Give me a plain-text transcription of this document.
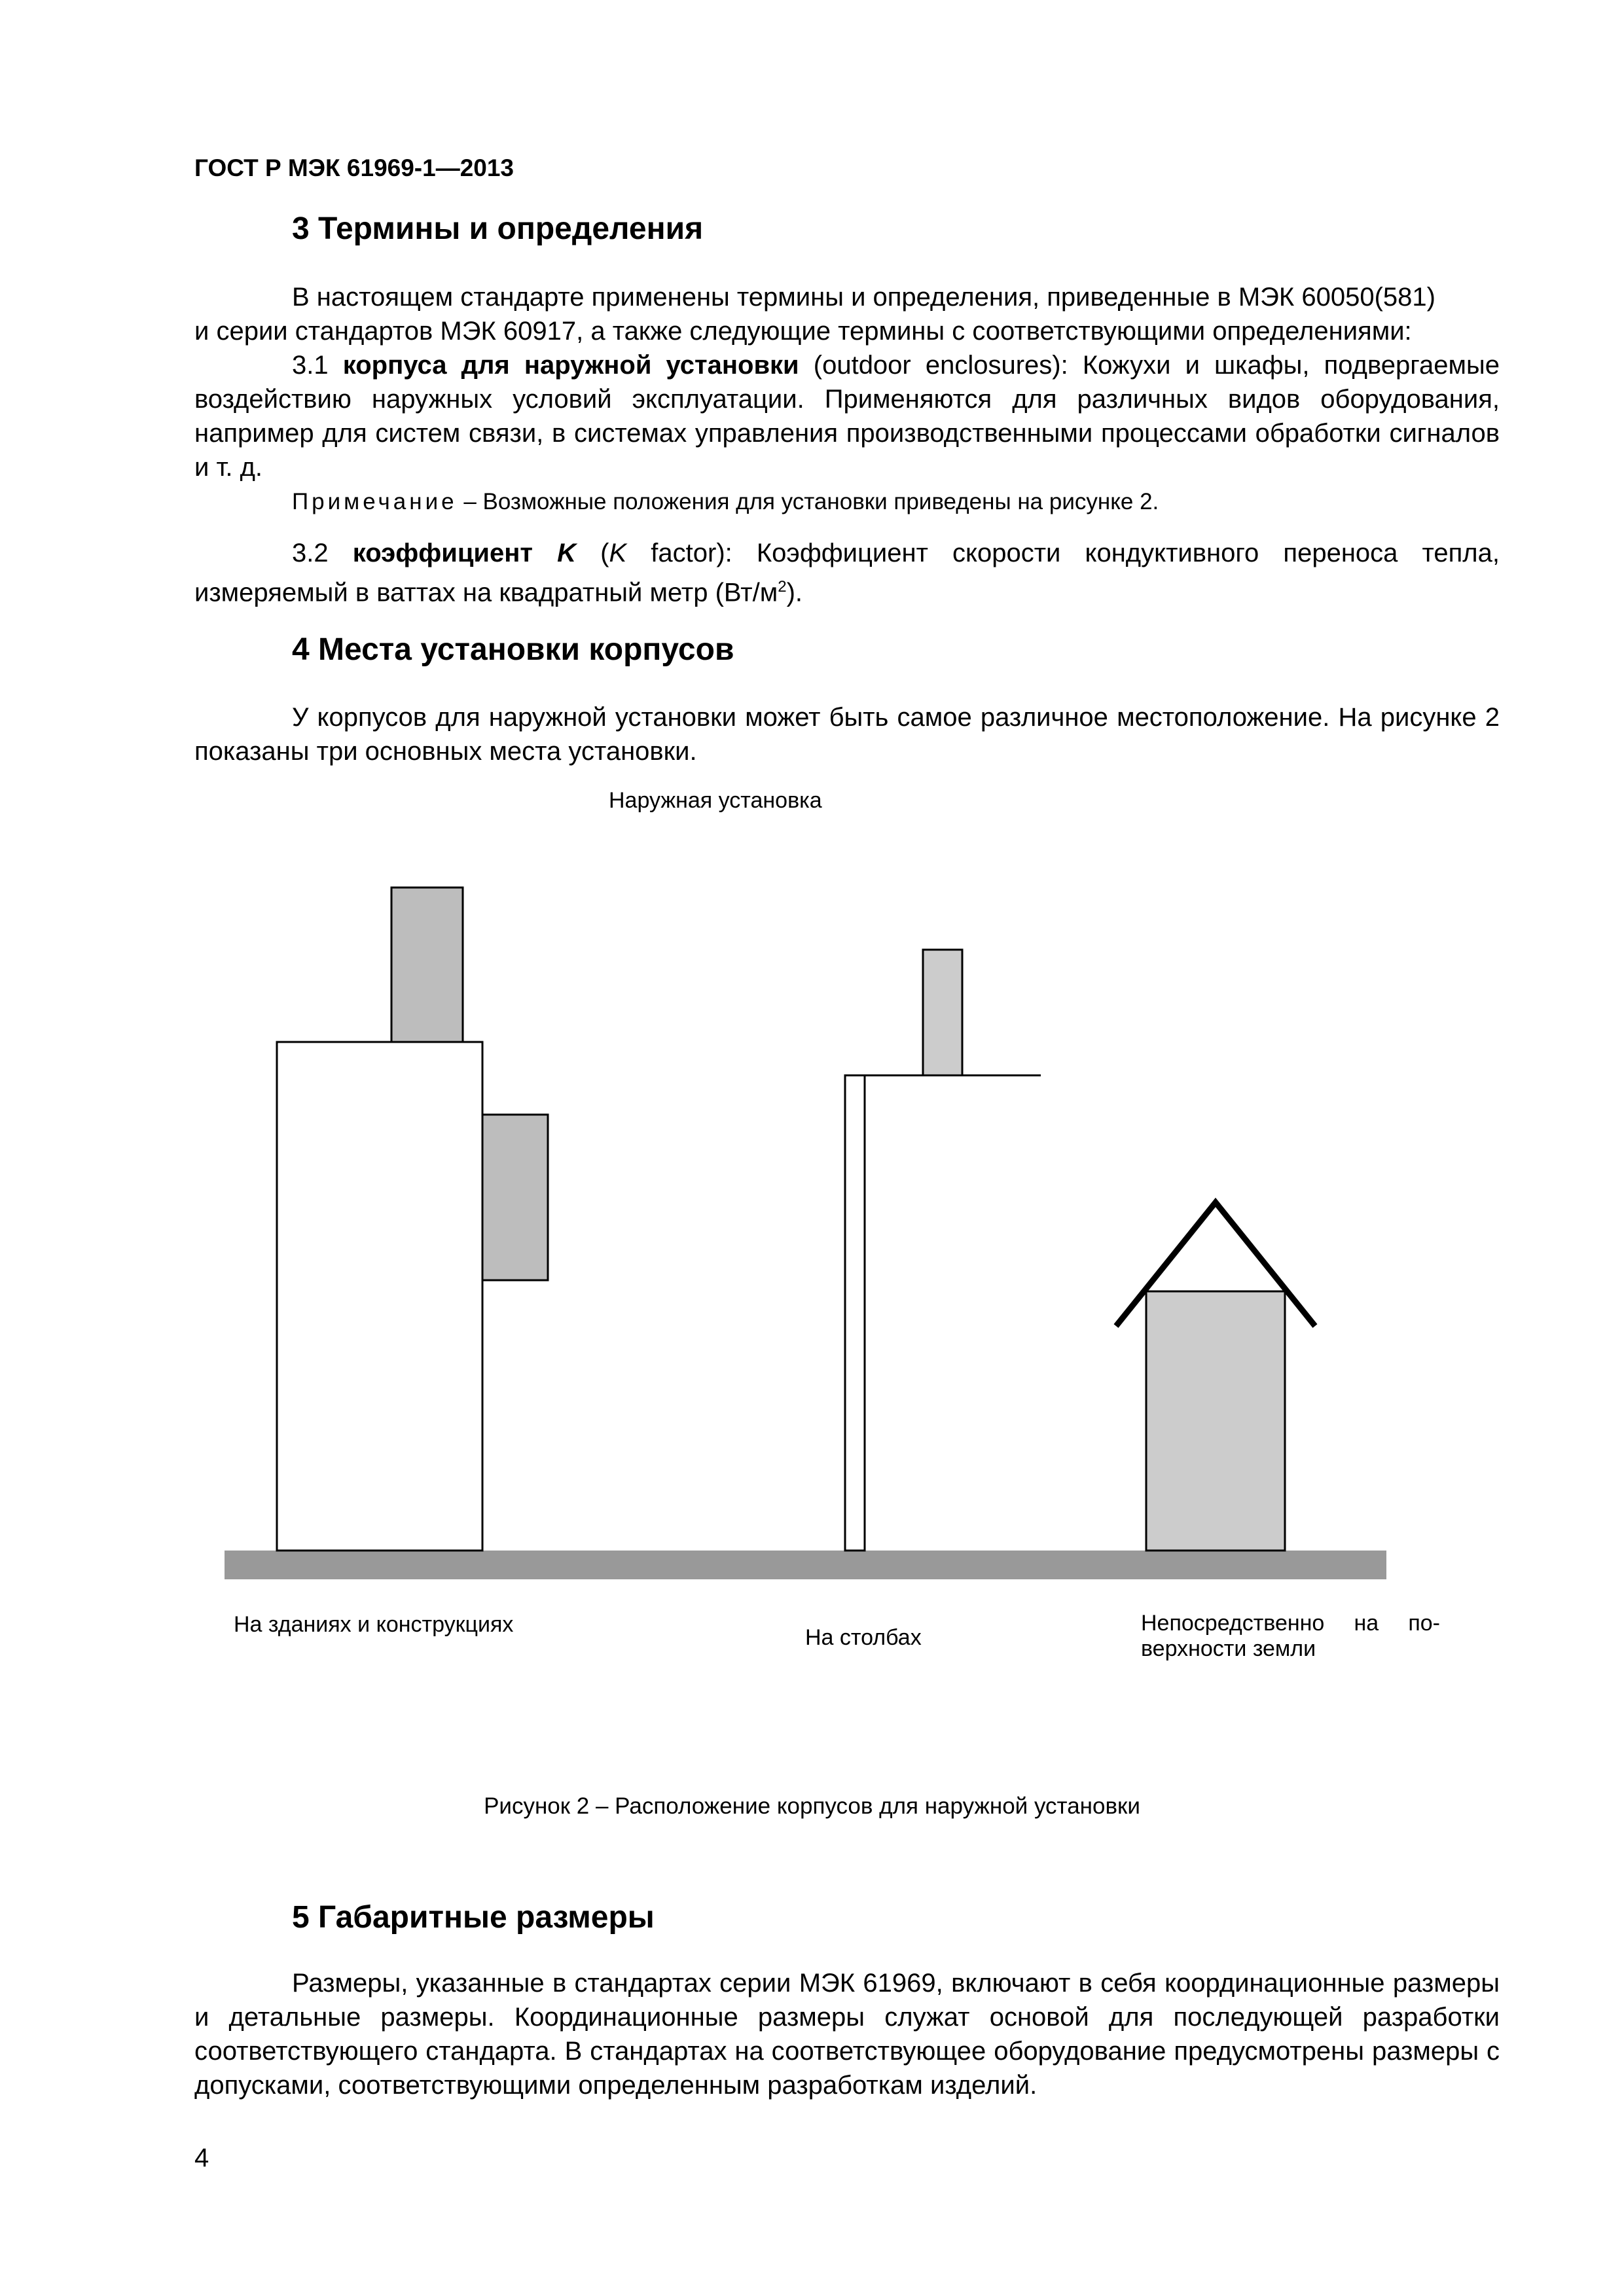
ГОСТ Р МЭК 61969-1—2013
3 Термины и определения

В настоящем стандарте применены термины и определения, приведенные в МЭК 60050(581)

и серии стандартов МЭК 60917, а также следующие термины с соответствующими определениями:

3.1 корпуса для наружной установки (outdoor enclosures): Кожухи и шкафы, подвергаемые воздействию наружных условий эксплуатации. Применяются для различных видов оборудования, например для систем связи, в системах управления производственными процессами обработки сигналов и т. д.

Примечание – Возможные положения для установки приведены на рисунке 2.

3.2 коэффициент K (K factor): Коэффициент скорости кондуктивного переноса тепла, измеряемый в ваттах на квадратный метр $(Вт/м^2)$.

4 Места установки корпусов

У корпусов для наружной установки может быть самое различное местоположение. На рисунке 2 показаны три основных места установки.

Наружная установка
На зданиях и конструкциях
На столбах
Непосредственно на по-
верхности земли
Рисунок 2 – Расположение корпусов для наружной установки
5 Габаритные размеры

Размеры, указанные в стандартах серии МЭК 61969, включают в себя координационные размеры и детальные размеры. Координационные размеры служат основой для последующей разработки соответствующего стандарта. В стандартах на соответствующее оборудование предусмотрены размеры с допусками, соответствующими определенным разработкам изделий.

4
